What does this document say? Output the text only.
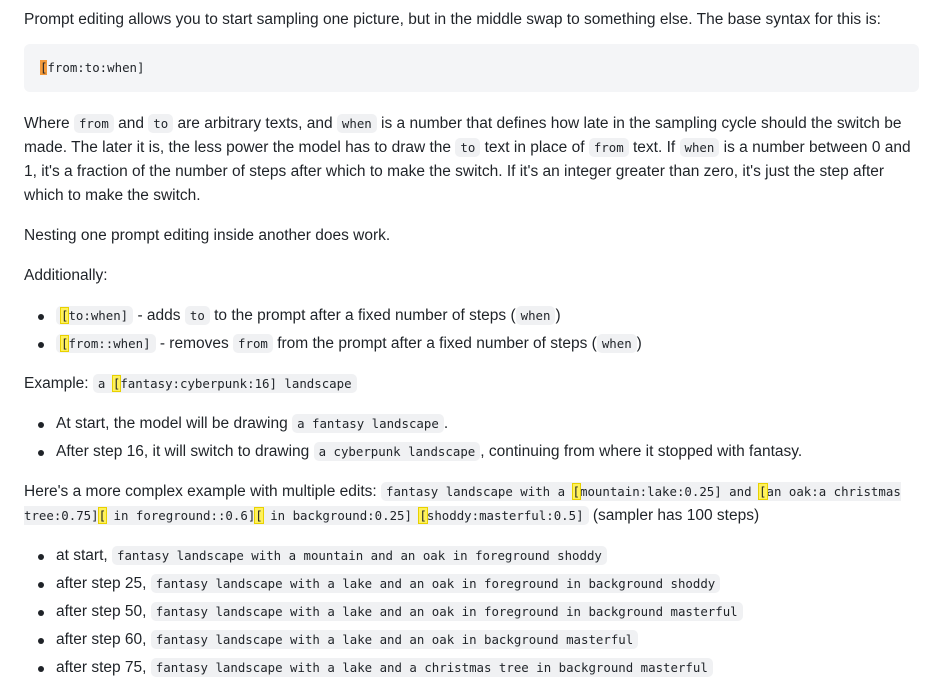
Prompt editing allows you to start sampling one picture, but in the middle swap to something else. The base syntax for this is:

[from:to:when]

Where from and to are arbitrary texts, and when is a number that defines how late in the sampling cycle should the switch be made. The later it is, the less power the model has to draw the to text in place of from text. If when is a number between 0 and 1, it's a fraction of the number of steps after which to make the switch. If it's an integer greater than zero, it's just the step after which to make the switch.

Nesting one prompt editing inside another does work.

Additionally:

[to:when] - adds to to the prompt after a fixed number of steps ( when )
[from::when] - removes from from the prompt after a fixed number of steps ( when )

Example: a [fantasy:cyberpunk:16] landscape

At start, the model will be drawing a fantasy landscape .
After step 16, it will switch to drawing a cyberpunk landscape , continuing from where it stopped with fantasy.

Here's a more complex example with multiple edits: fantasy landscape with a [mountain:lake:0.25] and [an oak:a christmas tree:0.75][ in foreground::0.6][ in background:0.25] [shoddy:masterful:0.5] (sampler has 100 steps)

at start, fantasy landscape with a mountain and an oak in foreground shoddy
after step 25, fantasy landscape with a lake and an oak in foreground in background shoddy
after step 50, fantasy landscape with a lake and an oak in foreground in background masterful
after step 60, fantasy landscape with a lake and an oak in background masterful
after step 75, fantasy landscape with a lake and a christmas tree in background masterful
